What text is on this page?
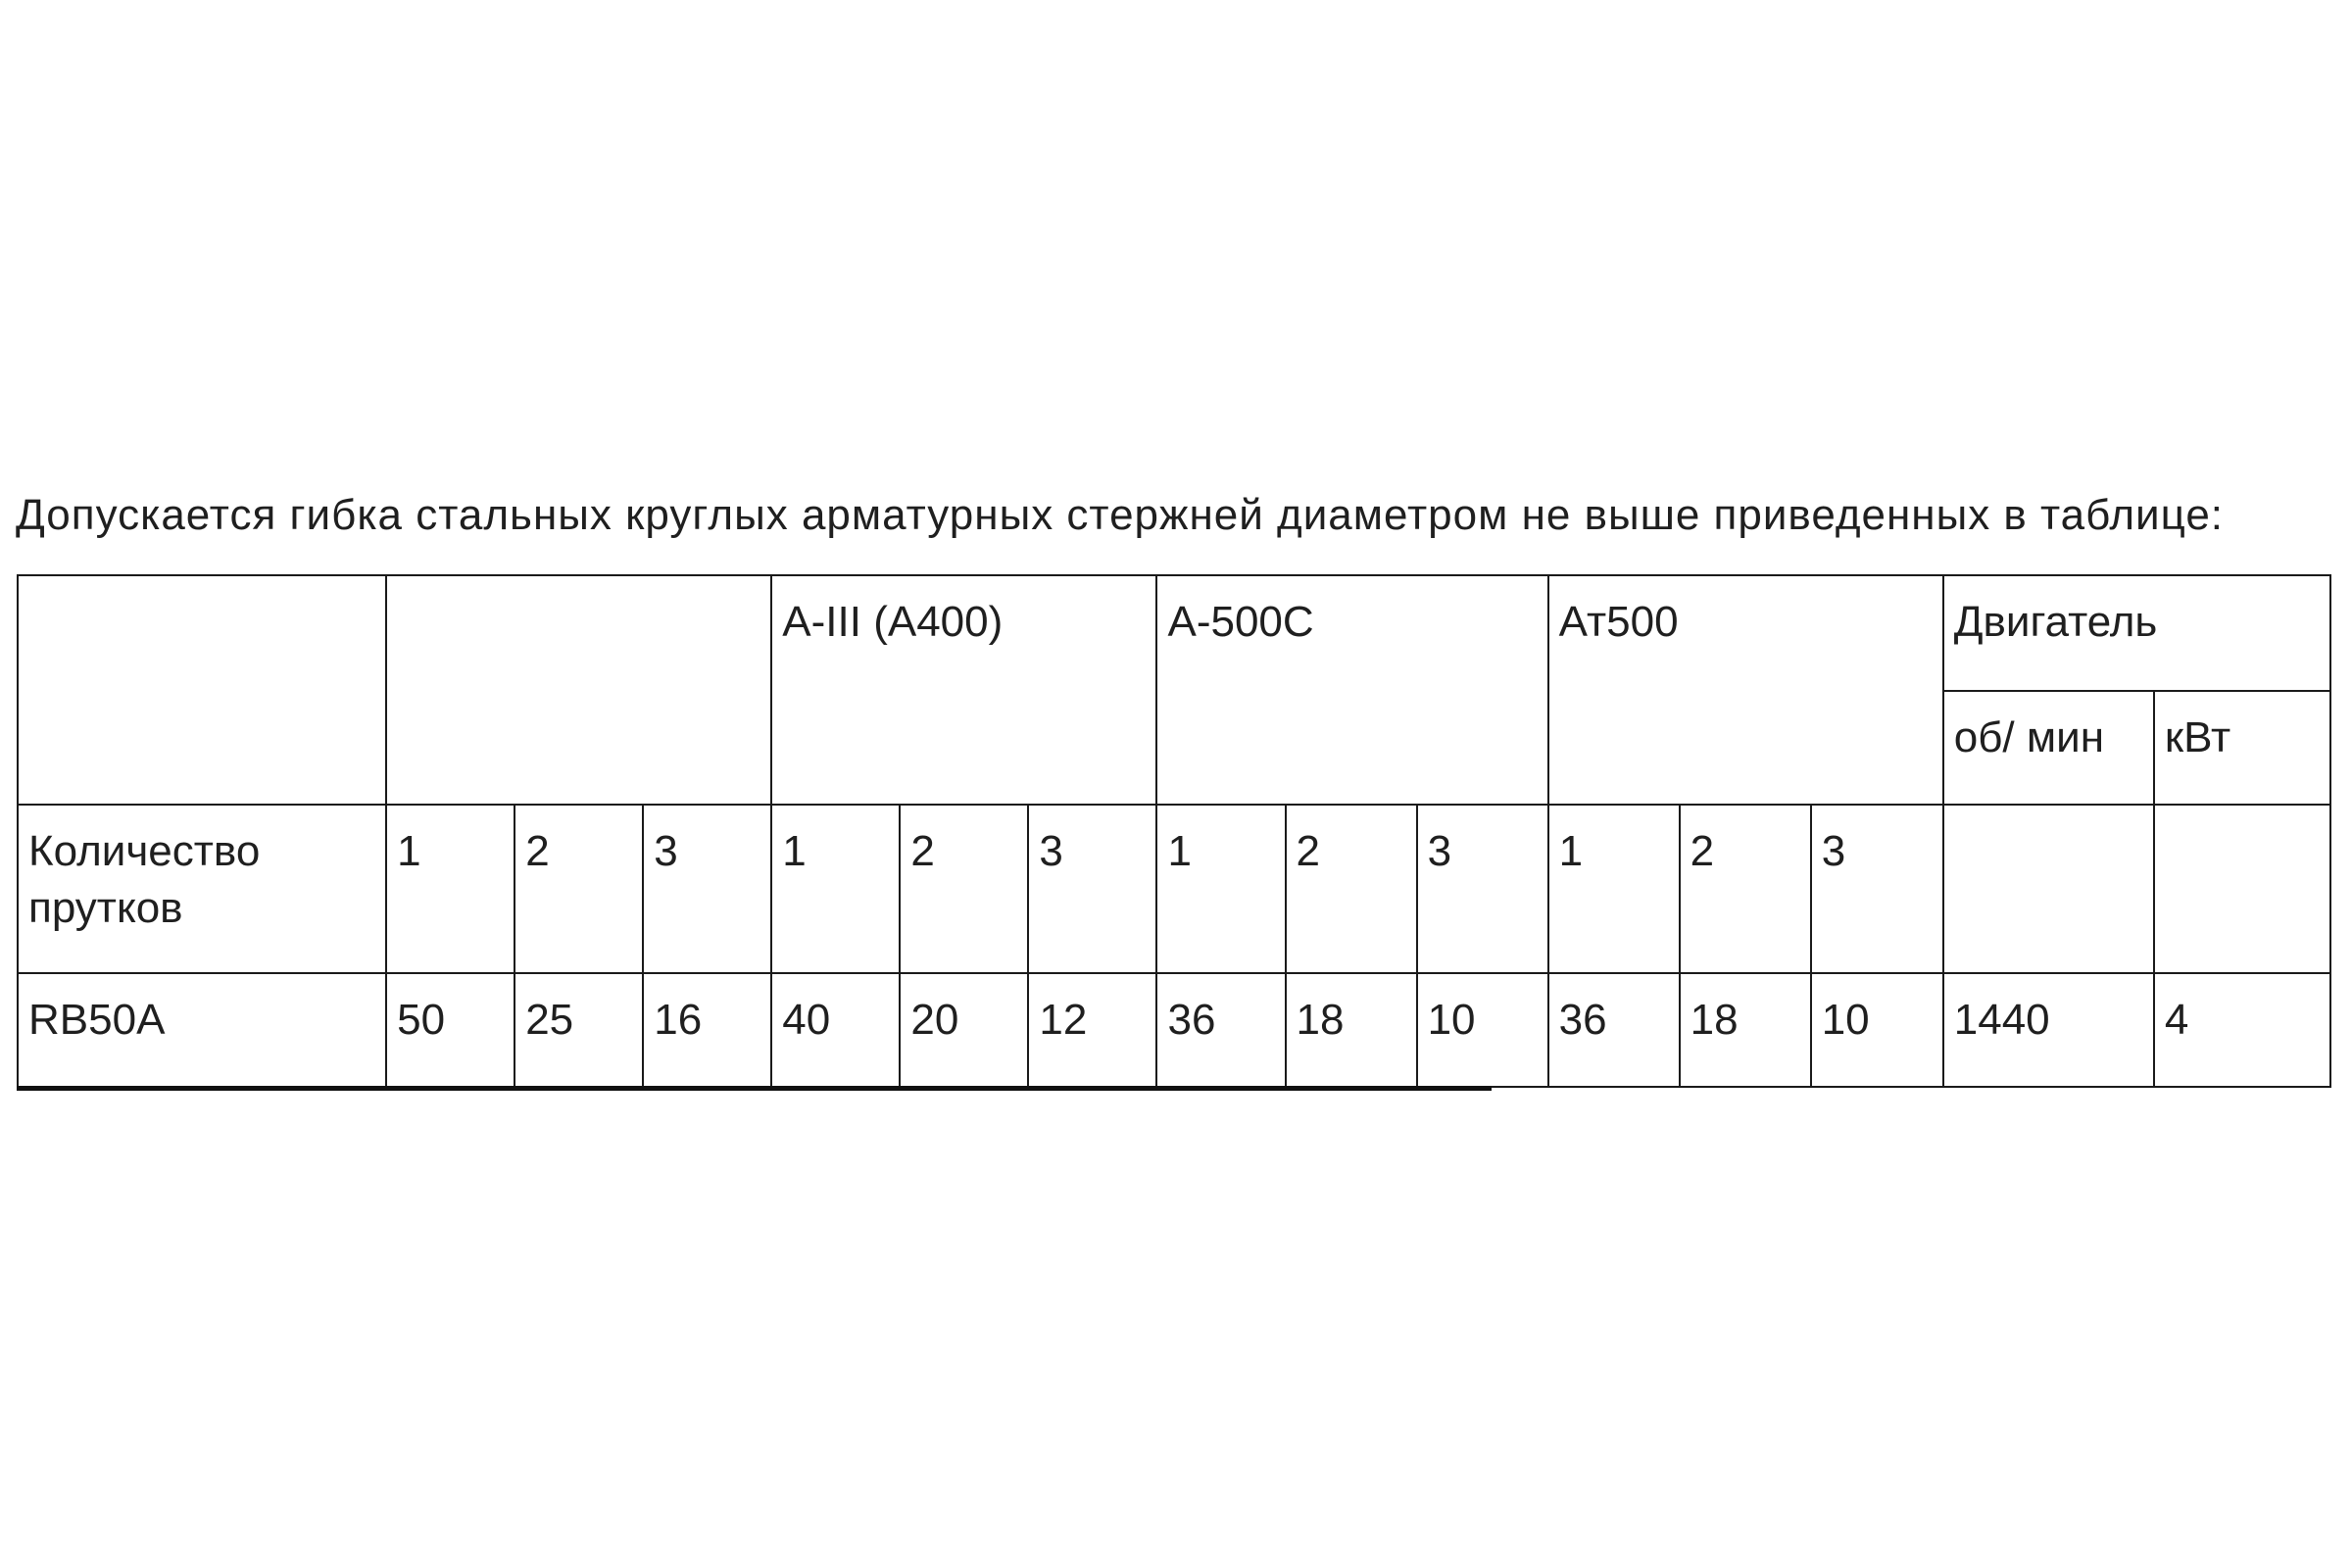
Допускается гибка стальных круглых арматурных стержней диаметром не выше приведенных в таблице:
				А-III (А400)			А-500С			Ат500			Двигатель	
													об/ мин	кВт
Количество прутков	1	2	3	1	2	3	1	2	3	1	2	3		
RB50A	50	25	16	40	20	12	36	18	10	36	18	10	1440	4
